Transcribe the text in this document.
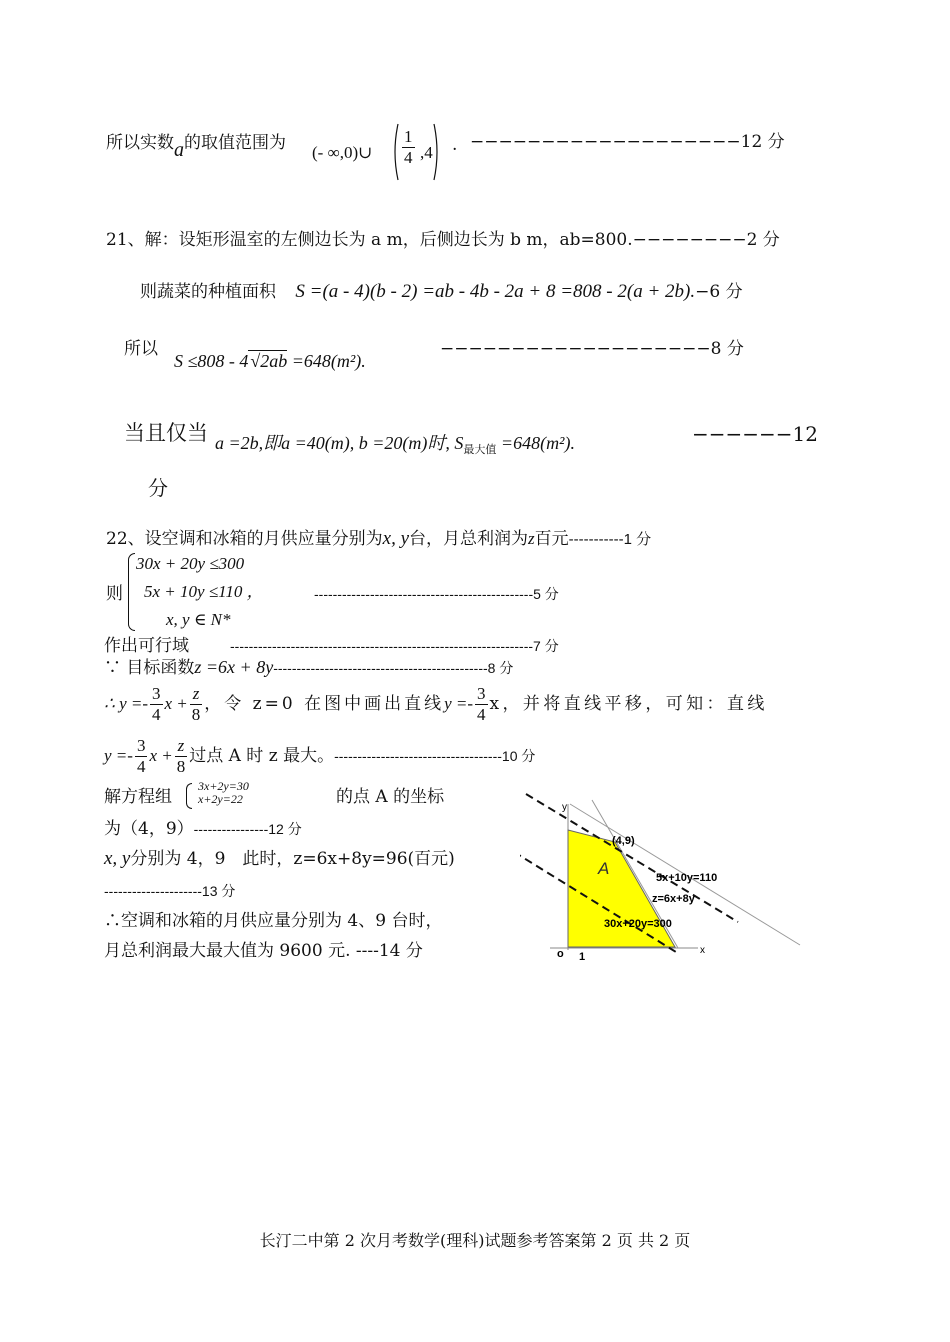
所以实数a的取值范围为 (- ∞,0)∪ $\frac{1}{4} ,4$ . −−−−−−−−−−−−−−−−−−−12 分
21、解：设矩形温室的左侧边长为 a m，后侧边长为 b m，ab=800.−−−−−−−−2 分
则蔬菜的种植面积 S =(a - 4)(b - 2) =ab - 4b - 2a + 8 =808 - 2(a + 2b).−6 分
所以
S ≤808 - 4 √2ab =648(m²).
−−−−−−−−−−−−−−−−−−−8 分
当且仅当 a =2b,即a =40(m), b =20(m)时, $S_{最大值} =648(m^2)$.	−−−−−−12
分
22、设空调和冰箱的月供应量分别为x, y台，月总利润为z百元-----------1 分
则
30x + 20y ≤300
5x + 10y ≤110 ，
x, y ∈ N*
-----------------------------------------------5 分
作出可行域	-----------------------------------------------------------------7 分
∵ 目标函数z =6x + 8y----------------------------------------------8 分
∴ $y =- \frac{3}{4}$ $x + \frac{z}{8}$ ，令 z=0 在图中画出直线$y =- \frac{3}{4}$ x，并将直线平移，可知：直线
$y =- \frac{3}{4}$ $x + \frac{z}{8}$ 过点 A 时 z 最大。------------------------------------10 分
解方程组
3x+2y=30
x+2y=22	的点 A 的坐标
为（4，9）----------------12 分
x, y分别为 4，9　此时，z=6x+8y=96(百元)
---------------------13 分
∴空调和冰箱的月供应量分别为 4、9 台时，
月总利润最大最大值为 9600 元. ----14 分
y
x
o 1
(4,9)
A	5x+10y=110
z=6x+8y
30x+20y=300
长汀二中第 2 次月考数学(理科)试题参考答案第 2 页 共 2 页
